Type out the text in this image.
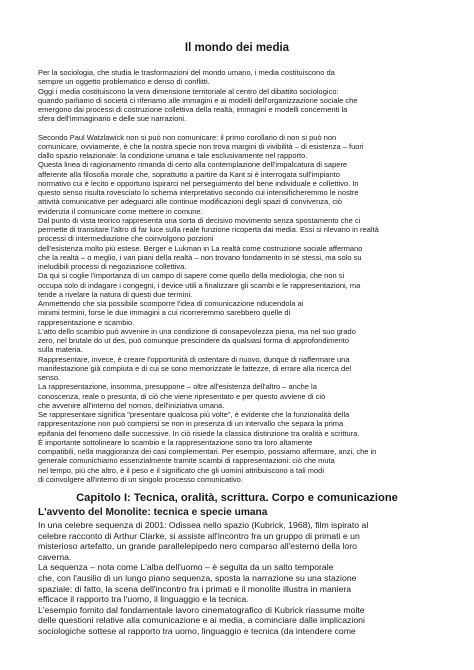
Il mondo dei media

Per la sociologia, che studia le trasformazioni del mondo umano, i media costituiscono da

sempre un oggetto problematico e denso di conflitti.

Oggi i media costituiscono la vera dimensione territoriale al centro del dibattito sociologico:

quando parliamo di società ci riferiamo alle immagini e ai modelli dell'organizzazione sociale che

emergono dai processi di costruzione collettiva della realtà, immagini e modelli concernenti la

sfera dell'immaginario e delle sue narrazioni.

Secondo Paul Watzlawick non si può non comunicare: il primo corollario di non si può non

comunicare, ovviamente, è che la nostra specie non trova margini di vivibilità – di esistenza – fuori

dallo spazio relazionale: la condizione umana e tale esclusivamente nel rapporto.

Questa linea di ragionamento rimanda di certo alla contemplazione dell'impalcatura di sapere

afferente alla filosofia morale che, soprattutto a partire da Kant si è interrogata sull'impianto

normativo cui è lecito e opportuno ispirarci nel perseguimento del bene individuale e collettivo. In

questo senso risulta rovesciato lo schema interpretativo secondo cui intensificheremmo le nostre

attività comunicative per adeguarci alle continue modificazioni degli spazi di convivenza, ciò

evidenzia il comunicare come mettere in comune.

Dal punto di vista teorico rappresenta una sorta di decisivo movimento senza spostamento che ci

permette di transitare l'altro di far luce sulla reale funzione ricoperta dai media. Essi si rilevano in realtà

processi di intermediazione che coinvolgono porzioni

dell'esistenza molto più estese. Berger e Lukman in La realtà come costruzione sociale affermano

che la realtà – o meglio, i vari piani della realtà – non trovano fondamento in sé stessi, ma solo su

ineludibili processi di negoziazione collettiva.

Da qui si coglie l'importanza di un campo di sapere come quello della mediologia, che non si

occupa solo di indagare i congegni, i device utili a finalizzare gli scambi e le rappresentazioni, ma

tende a rivelare la natura di questi due termini.

Ammettendo che sia possibile scomporre l'idea di comunicazione riducendola ai

minimi termini, forse le due immagini a cui ricorreremmo sarebbero quelle di

rappresentazione e scambio.

L'atto dello scambio può avvenire in una condizione di consapevolezza piena, ma nel suo grado

zero, nel brutale do ut des, può comunque prescindere da qualsiasi forma di approfondimento

sulla materia.

Rappresentare, invece, è creare l'opportunità di ostentare di nuovo, dunque di riaffermare una

manifestazione già compiuta e di cui se sono memorizzate le fattezze, di errare alla ricerca del

senso.

La rappresentazione, insomma, presuppone – oltre all'esistenza dell'altro – anche la

conoscenza, reale o presunta, di ciò che viene ripresentato e per questo avviene di ciò

che avvenire all'interno del nomos, dell'iniziativa umana.

Se rappresentare significa "presentare qualcosa più volte", è evidente che la funzionalità della

rappresentazione non può compiersi se non in presenza di un intervallo che separa la prima

epifania del fenomeno dalle successive. In ciò risiede la classica distinzione tra oralità e scrittura.

È importante sottolineare lo scambio e la rappresentazione sono tra loro altamente

compatibili, nella maggioranza dei casi complementari. Per esempio, possiamo affermare, anzi, che in

generale comunichiamo essenzialmente tramite scambi di rappresentazioni: ciò che muta

nel tempo, più che altro, è il peso e il significato che gli uomini attribuiscono a tali modi

di coinvolgere all'interno di un singolo processo comunicativo.

Capitolo I: Tecnica, oralità, scrittura. Corpo e comunicazione
L'avvento del Monolite: tecnica e specie umana

In una celebre sequenza di 2001: Odissea nello spazio (Kubrick, 1968), film ispirato al

celebre racconto di Arthur Clarke, si assiste all'incontro fra un gruppo di primati e un

misterioso artefatto, un grande parallelepipedo nero comparso all'esterno della loro

caverna.

La sequenza – nota come L'alba dell'uomo – è seguita da un salto temporale

che, con l'ausilio di un lungo piano sequenza, sposta la narrazione su una stazione

spaziale: di fatto, la scena dell'incontro fra i primati e il monolite illustra in maniera

efficace il rapporto tra l'uomo, il linguaggio e la tecnica.

L'esempio fornito dal fondamentale lavoro cinematografico di Kubrick riassume molte

delle questioni relative alla comunicazione e ai media, a cominciare dalle implicazioni

sociologiche sottese al rapporto tra uomo, linguaggio e tecnica (da intendere come
